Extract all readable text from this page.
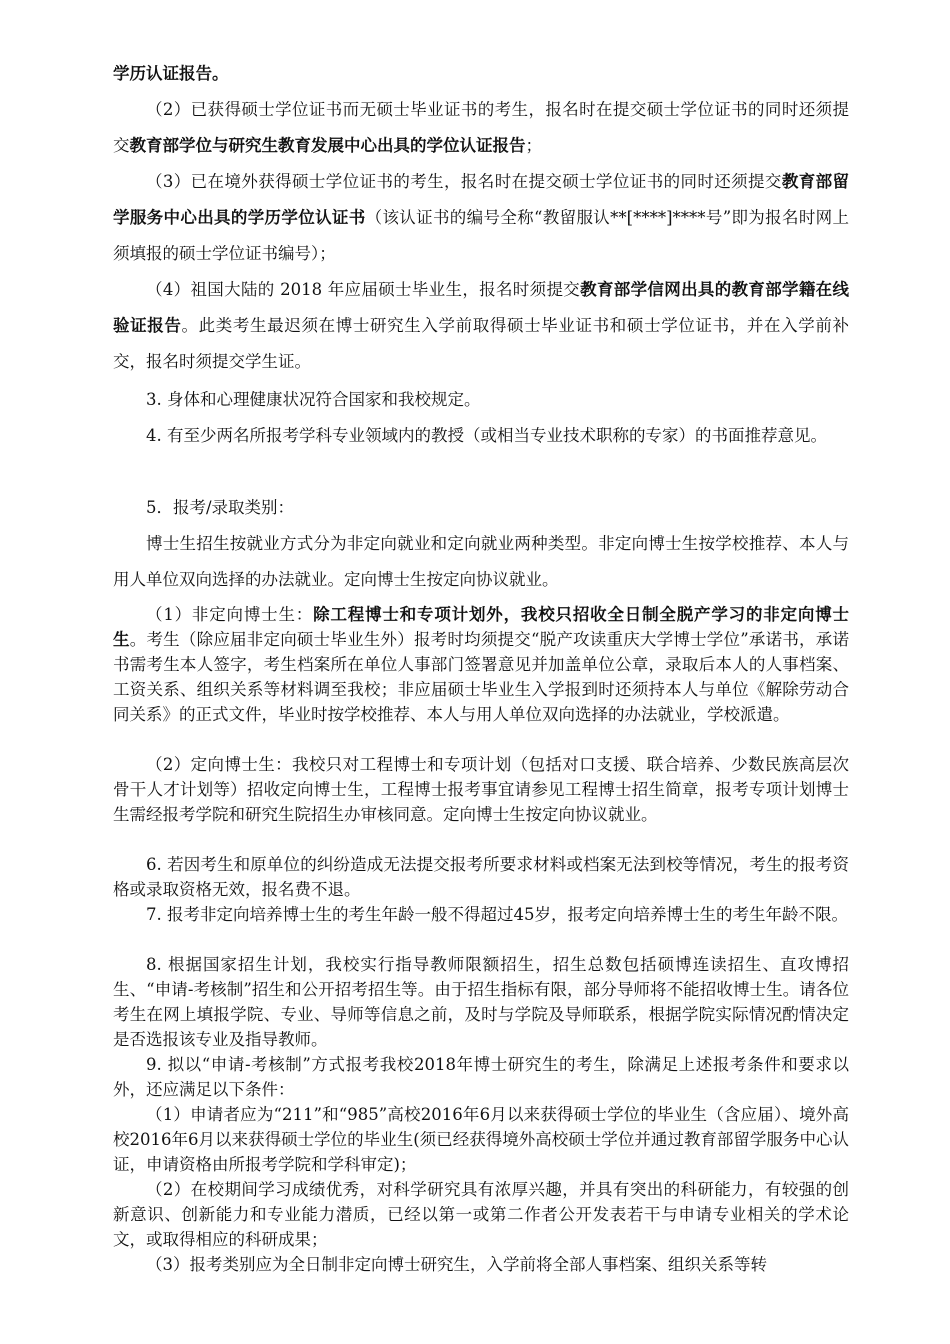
学历认证报告。

（2）已获得硕士学位证书而无硕士毕业证书的考生，报名时在提交硕士学位证书的同时还须提交教育部学位与研究生教育发展中心出具的学位认证报告；

（3）已在境外获得硕士学位证书的考生，报名时在提交硕士学位证书的同时还须提交教育部留学服务中心出具的学历学位认证书（该认证书的编号全称“教留服认**[****]****号”即为报名时网上须填报的硕士学位证书编号）；

（4）祖国大陆的 2018 年应届硕士毕业生，报名时须提交教育部学信网出具的教育部学籍在线验证报告。此类考生最迟须在博士研究生入学前取得硕士毕业证书和硕士学位证书，并在入学前补交，报名时须提交学生证。

3. 身体和心理健康状况符合国家和我校规定。

4. 有至少两名所报考学科专业领域内的教授（或相当专业技术职称的专家）的书面推荐意见。

5．报考/录取类别：

博士生招生按就业方式分为非定向就业和定向就业两种类型。非定向博士生按学校推荐、本人与用人单位双向选择的办法就业。定向博士生按定向协议就业。

（1）非定向博士生：除工程博士和专项计划外，我校只招收全日制全脱产学习的非定向博士生。考生（除应届非定向硕士毕业生外）报考时均须提交“脱产攻读重庆大学博士学位”承诺书，承诺书需考生本人签字，考生档案所在单位人事部门签署意见并加盖单位公章，录取后本人的人事档案、工资关系、组织关系等材料调至我校；非应届硕士毕业生入学报到时还须持本人与单位《解除劳动合同关系》的正式文件，毕业时按学校推荐、本人与用人单位双向选择的办法就业，学校派遣。

（2）定向博士生：我校只对工程博士和专项计划（包括对口支援、联合培养、少数民族高层次骨干人才计划等）招收定向博士生，工程博士报考事宜请参见工程博士招生简章，报考专项计划博士生需经报考学院和研究生院招生办审核同意。定向博士生按定向协议就业。

6. 若因考生和原单位的纠纷造成无法提交报考所要求材料或档案无法到校等情况，考生的报考资格或录取资格无效，报名费不退。

7. 报考非定向培养博士生的考生年龄一般不得超过45岁，报考定向培养博士生的考生年龄不限。

8. 根据国家招生计划，我校实行指导教师限额招生，招生总数包括硕博连读招生、直攻博招生、“申请-考核制”招生和公开招考招生等。由于招生指标有限，部分导师将不能招收博士生。请各位考生在网上填报学院、专业、导师等信息之前，及时与学院及导师联系，根据学院实际情况酌情决定是否选报该专业及指导教师。

9. 拟以“申请-考核制”方式报考我校2018年博士研究生的考生，除满足上述报考条件和要求以外，还应满足以下条件：

（1）申请者应为“211”和“985”高校2016年6月以来获得硕士学位的毕业生（含应届）、境外高校2016年6月以来获得硕士学位的毕业生(须已经获得境外高校硕士学位并通过教育部留学服务中心认证，申请资格由所报考学院和学科审定)；

（2）在校期间学习成绩优秀，对科学研究具有浓厚兴趣，并具有突出的科研能力，有较强的创新意识、创新能力和专业能力潜质，已经以第一或第二作者公开发表若干与申请专业相关的学术论文，或取得相应的科研成果；

（3）报考类别应为全日制非定向博士研究生，入学前将全部人事档案、组织关系等转
